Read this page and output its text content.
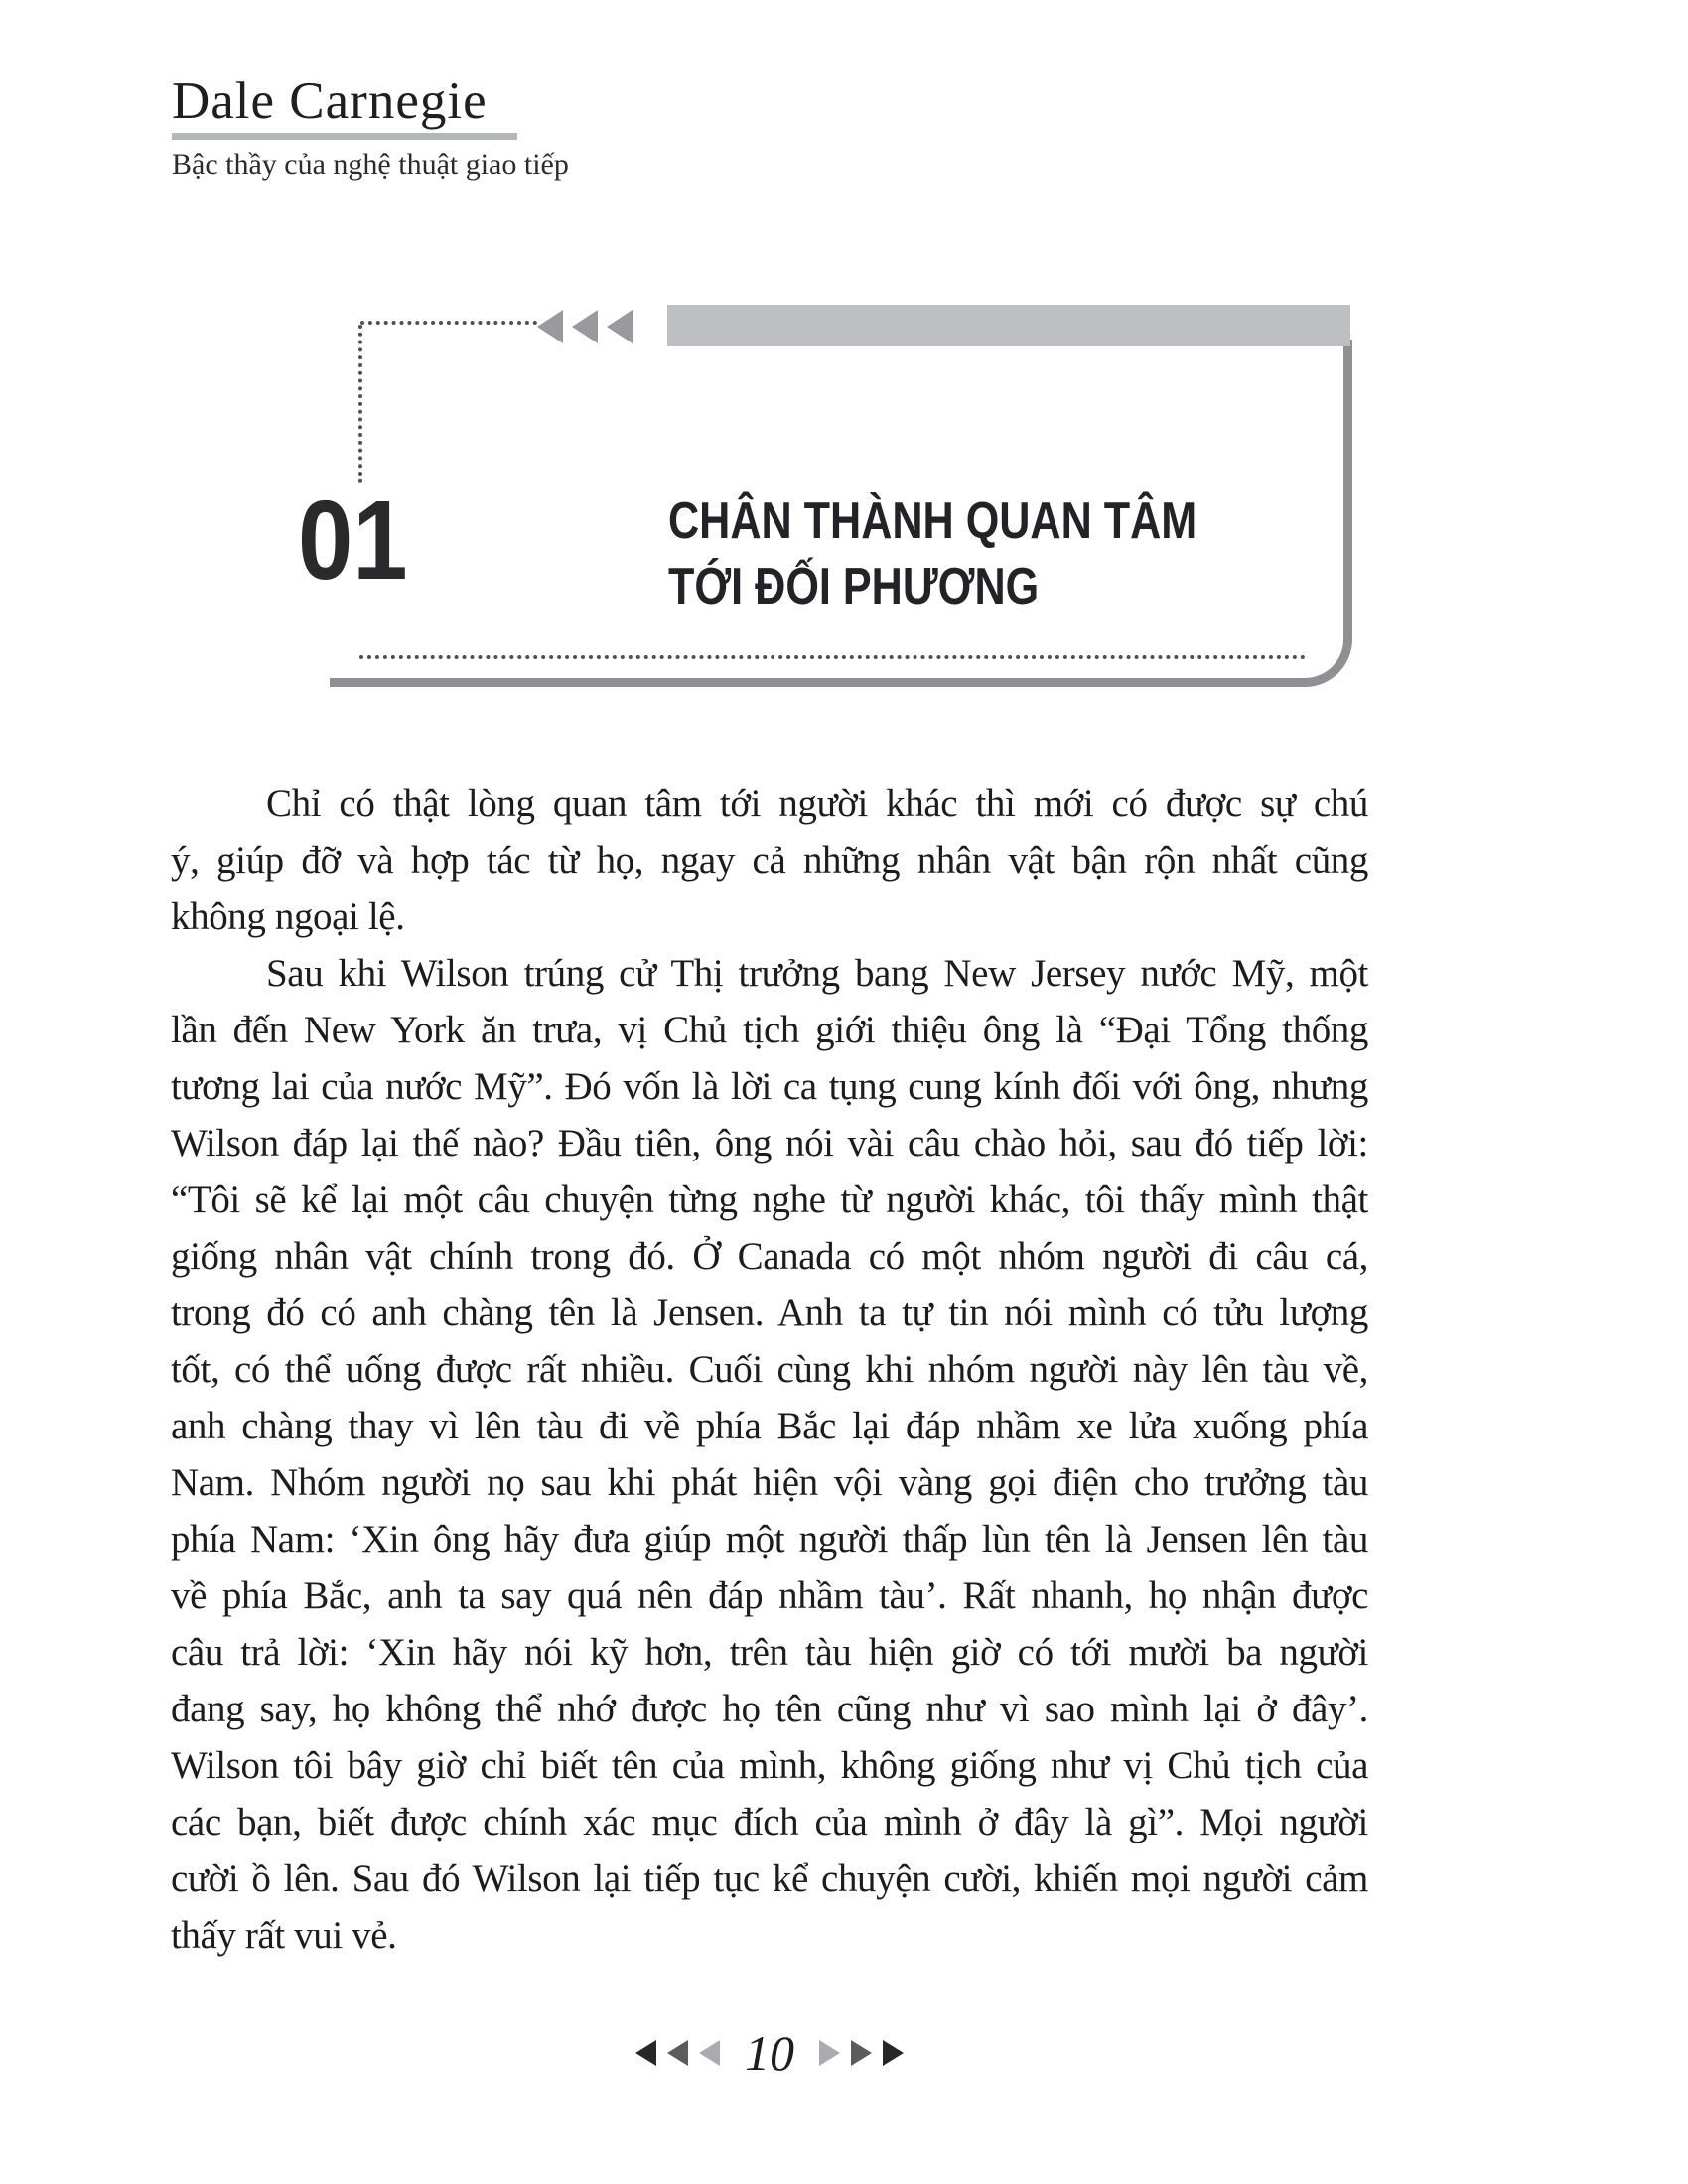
Dale Carnegie
Bậc thầy của nghệ thuật giao tiếp
01	CHÂN THÀNH QUAN TÂM
TỚI ĐỐI PHƯƠNG
Chỉ có thật lòng quan tâm tới người khác thì mới có được sự chú
ý, giúp đỡ và hợp tác từ họ, ngay cả những nhân vật bận rộn nhất cũng
không ngoại lệ.
Sau khi Wilson trúng cử Thị trưởng bang New Jersey nước Mỹ, một
lần đến New York ăn trưa, vị Chủ tịch giới thiệu ông là “Đại Tổng thống
tương lai của nước Mỹ”. Đó vốn là lời ca tụng cung kính đối với ông, nhưng
Wilson đáp lại thế nào? Đầu tiên, ông nói vài câu chào hỏi, sau đó tiếp lời:
“Tôi sẽ kể lại một câu chuyện từng nghe từ người khác, tôi thấy mình thật
giống nhân vật chính trong đó. Ở Canada có một nhóm người đi câu cá,
trong đó có anh chàng tên là Jensen. Anh ta tự tin nói mình có tửu lượng
tốt, có thể uống được rất nhiều. Cuối cùng khi nhóm người này lên tàu về,
anh chàng thay vì lên tàu đi về phía Bắc lại đáp nhầm xe lửa xuống phía
Nam. Nhóm người nọ sau khi phát hiện vội vàng gọi điện cho trưởng tàu
phía Nam: ‘Xin ông hãy đưa giúp một người thấp lùn tên là Jensen lên tàu
về phía Bắc, anh ta say quá nên đáp nhầm tàu’. Rất nhanh, họ nhận được
câu trả lời: ‘Xin hãy nói kỹ hơn, trên tàu hiện giờ có tới mười ba người
đang say, họ không thể nhớ được họ tên cũng như vì sao mình lại ở đây’.
Wilson tôi bây giờ chỉ biết tên của mình, không giống như vị Chủ tịch của
các bạn, biết được chính xác mục đích của mình ở đây là gì”. Mọi người
cười ồ lên. Sau đó Wilson lại tiếp tục kể chuyện cười, khiến mọi người cảm
thấy rất vui vẻ.
10
